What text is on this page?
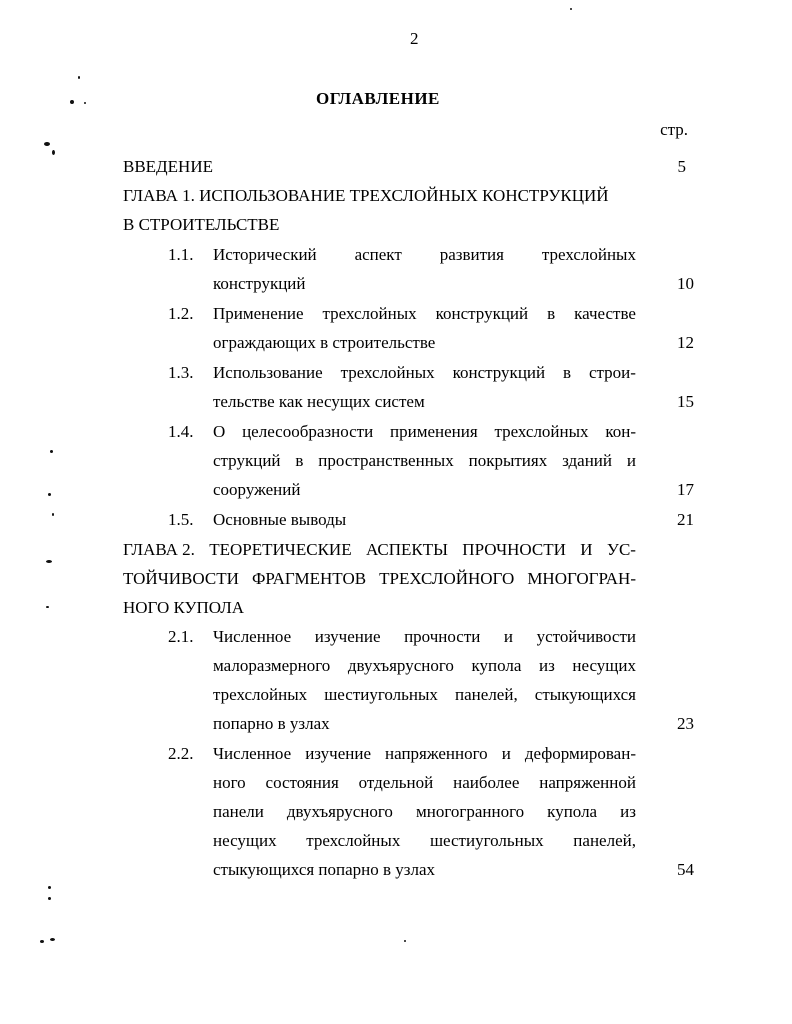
2
ОГЛАВЛЕНИЕ
стр.
ВВЕДЕНИЕ	5
ГЛАВА 1. ИСПОЛЬЗОВАНИЕ ТРЕХСЛОЙНЫХ КОНСТРУКЦИЙ
В СТРОИТЕЛЬСТВЕ
1.1. Исторический аспект развития трехслойных
конструкций	10
1.2. Применение трехслойных конструкций в качестве
ограждающих в строительстве	12
1.3. Использование трехслойных конструкций в строи-
тельстве как несущих систем	15
1.4. О целесообразности применения трехслойных кон-
струкций в пространственных покрытиях зданий и
сооружений	17
1.5. Основные выводы	21
ГЛАВА 2. ТЕОРЕТИЧЕСКИЕ АСПЕКТЫ ПРОЧНОСТИ И УС-
ТОЙЧИВОСТИ ФРАГМЕНТОВ ТРЕХСЛОЙНОГО МНОГОГРАН-
НОГО КУПОЛА
2.1. Численное изучение прочности и устойчивости
малоразмерного двухъярусного купола из несущих
трехслойных шестиугольных панелей, стыкующихся
попарно в узлах	23
2.2. Численное изучение напряженного и деформирован-
ного состояния отдельной наиболее напряженной
панели двухъярусного многогранного купола из
несущих трехслойных шестиугольных панелей,
стыкующихся попарно в узлах	54
